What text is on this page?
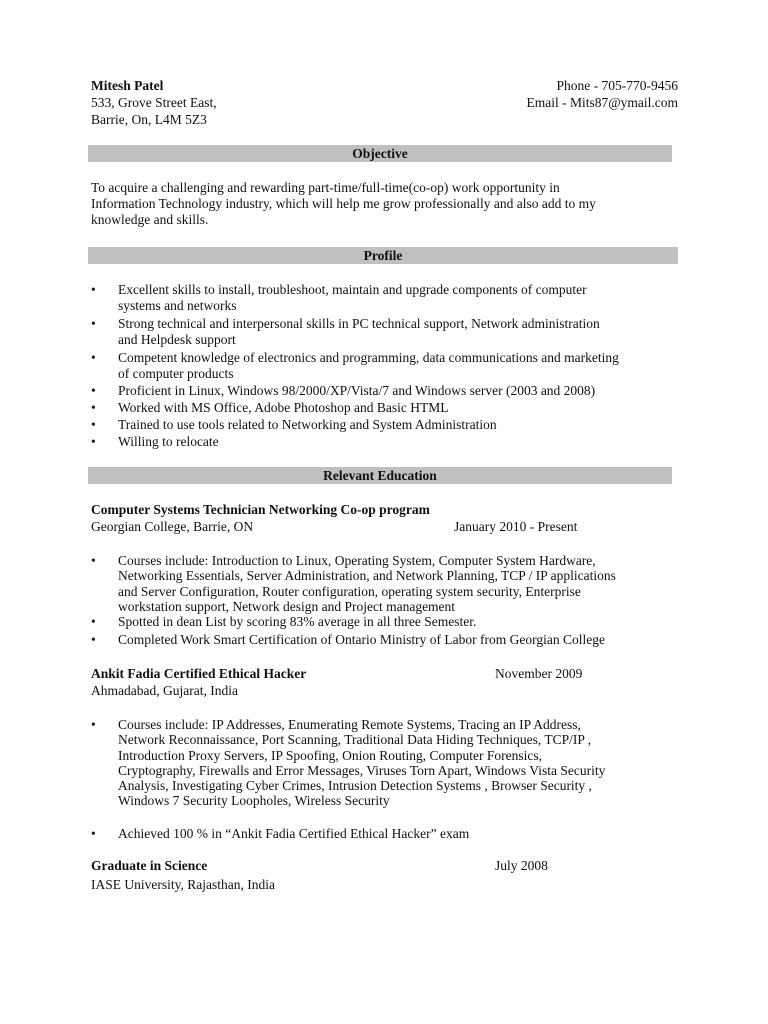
Mitesh Patel
533, Grove Street East,
Barrie, On, L4M 5Z3
Phone - 705-770-9456
Email - Mits87@ymail.com
Objective
To acquire a challenging and rewarding part-time/full-time(co-op) work opportunity in
Information Technology industry, which will help me grow professionally and also add to my
knowledge and skills.
Profile
• Excellent skills to install, troubleshoot, maintain and upgrade components of computer
systems and networks
• Strong technical and interpersonal skills in PC technical support, Network administration
and Helpdesk support
• Competent knowledge of electronics and programming, data communications and marketing
of computer products
• Proficient in Linux, Windows 98/2000/XP/Vista/7 and Windows server (2003 and 2008)
• Worked with MS Office, Adobe Photoshop and Basic HTML
• Trained to use tools related to Networking and System Administration
• Willing to relocate
Relevant Education
Computer Systems Technician Networking Co-op program
Georgian College, Barrie, ON	January 2010 - Present
• Courses include: Introduction to Linux, Operating System, Computer System Hardware,
Networking Essentials, Server Administration, and Network Planning, TCP / IP applications
and Server Configuration, Router configuration, operating system security, Enterprise
workstation support, Network design and Project management
• Spotted in dean List by scoring 83% average in all three Semester.
• Completed Work Smart Certification of Ontario Ministry of Labor from Georgian College
Ankit Fadia Certified Ethical Hacker	November 2009
Ahmadabad, Gujarat, India
• Courses include: IP Addresses, Enumerating Remote Systems, Tracing an IP Address,
Network Reconnaissance, Port Scanning, Traditional Data Hiding Techniques, TCP/IP ,
Introduction Proxy Servers, IP Spoofing, Onion Routing, Computer Forensics,
Cryptography, Firewalls and Error Messages, Viruses Torn Apart, Windows Vista Security
Analysis, Investigating Cyber Crimes, Intrusion Detection Systems , Browser Security ,
Windows 7 Security Loopholes, Wireless Security
• Achieved 100 % in “Ankit Fadia Certified Ethical Hacker” exam
Graduate in Science	July 2008
IASE University, Rajasthan, India
